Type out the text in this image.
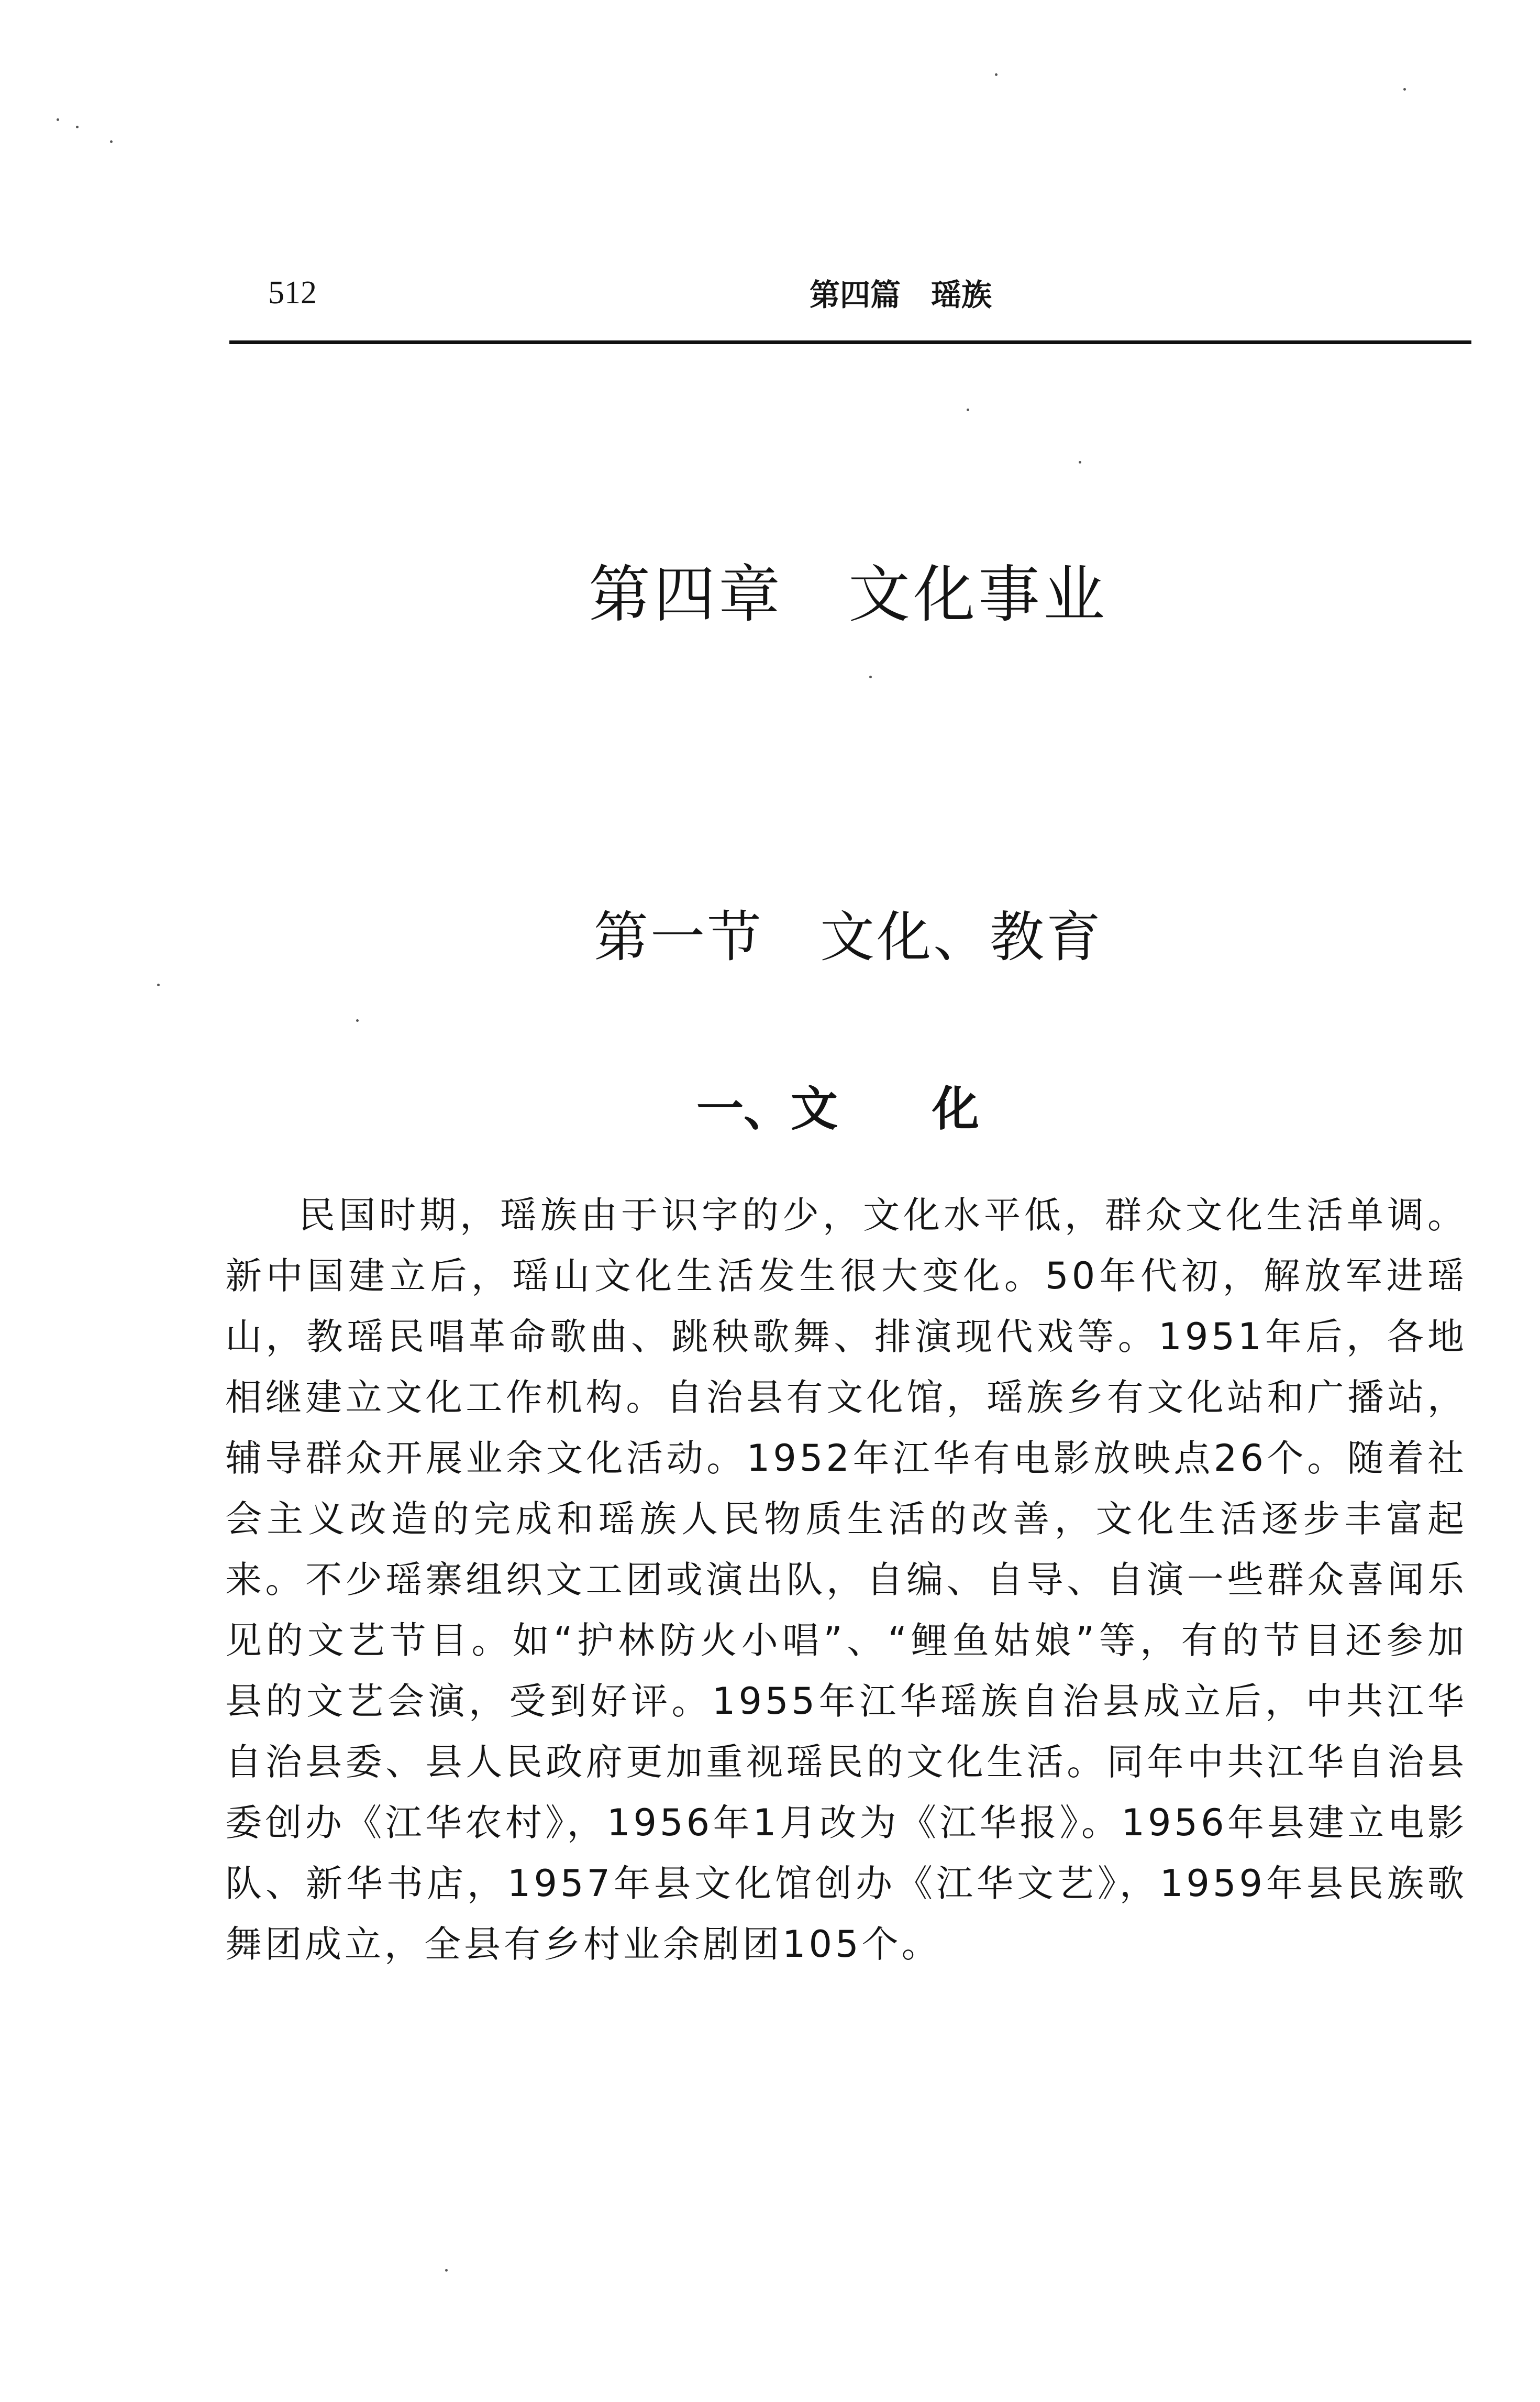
512	第四篇　瑶族
第四章　文化事业
第一节　文化、教育
一、文　　化

民国时期，瑶族由于识字的少，文化水平低，群众文化生活单调。新中国建立后，瑶山文化生活发生很大变化。50年代初，解放军进瑶山，教瑶民唱革命歌曲、跳秧歌舞、排演现代戏等。1951年后，各地相继建立文化工作机构。自治县有文化馆，瑶族乡有文化站和广播站，辅导群众开展业余文化活动。1952年江华有电影放映点26个。随着社会主义改造的完成和瑶族人民物质生活的改善，文化生活逐步丰富起来。不少瑶寨组织文工团或演出队，自编、自导、自演一些群众喜闻乐见的文艺节目。如“护林防火小唱”、“鲤鱼姑娘”等，有的节目还参加县的文艺会演，受到好评。1955年江华瑶族自治县成立后，中共江华自治县委、县人民政府更加重视瑶民的文化生活。同年中共江华自治县委创办《江华农村》，1956年1月改为《江华报》。1956年县建立电影队、新华书店，1957年县文化馆创办《江华文艺》，1959年县民族歌舞团成立，全县有乡村业余剧团105个。
